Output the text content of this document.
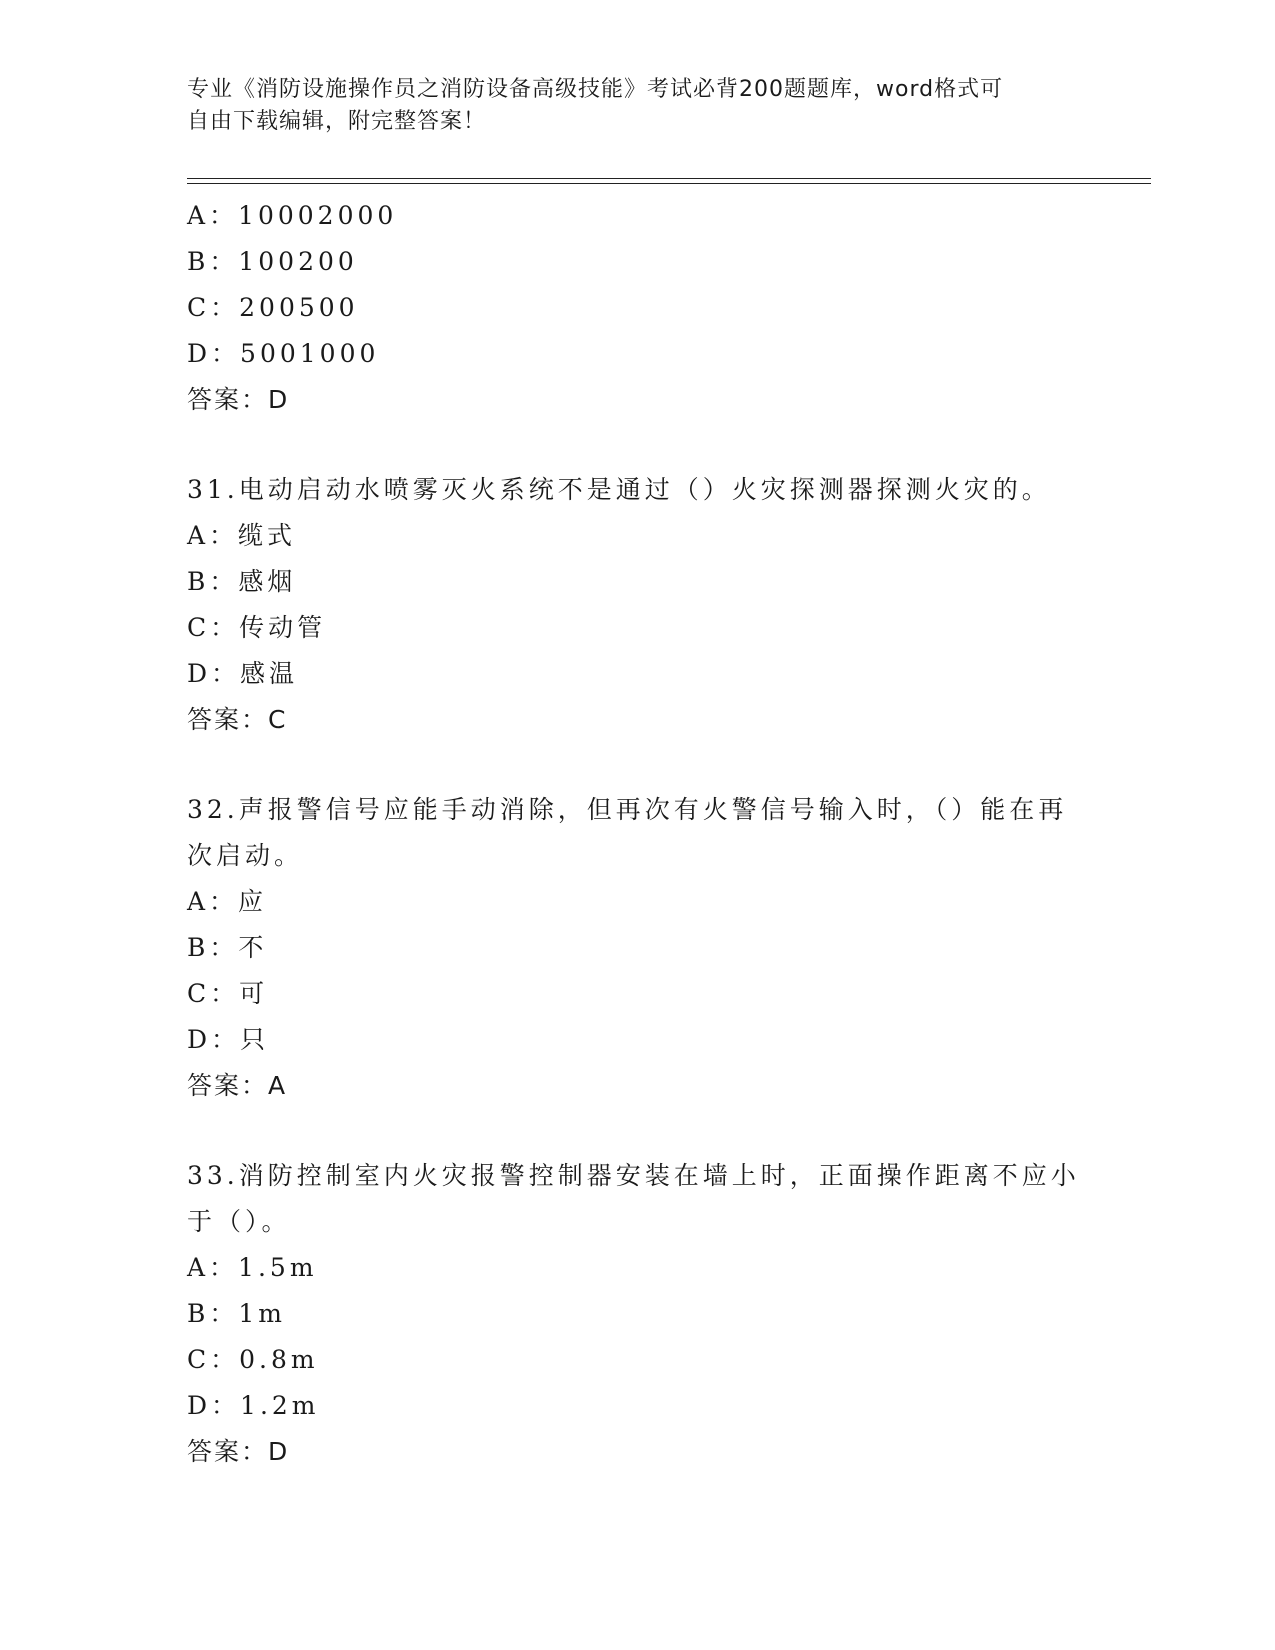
专业《消防设施操作员之消防设备高级技能》考试必背200题题库，word格式可
自由下载编辑，附完整答案！
A：10002000
B：100200
C：200500
D：5001000
答案：D
31.电动启动水喷雾灭火系统不是通过（）火灾探测器探测火灾的。
A：缆式
B：感烟
C：传动管
D：感温
答案：C
32.声报警信号应能手动消除，但再次有火警信号输入时，（）能在再
次启动。
A：应
B：不
C：可
D：只
答案：A
33.消防控制室内火灾报警控制器安装在墙上时，正面操作距离不应小
于（）。
A：1.5m
B：1m
C：0.8m
D：1.2m
答案：D
